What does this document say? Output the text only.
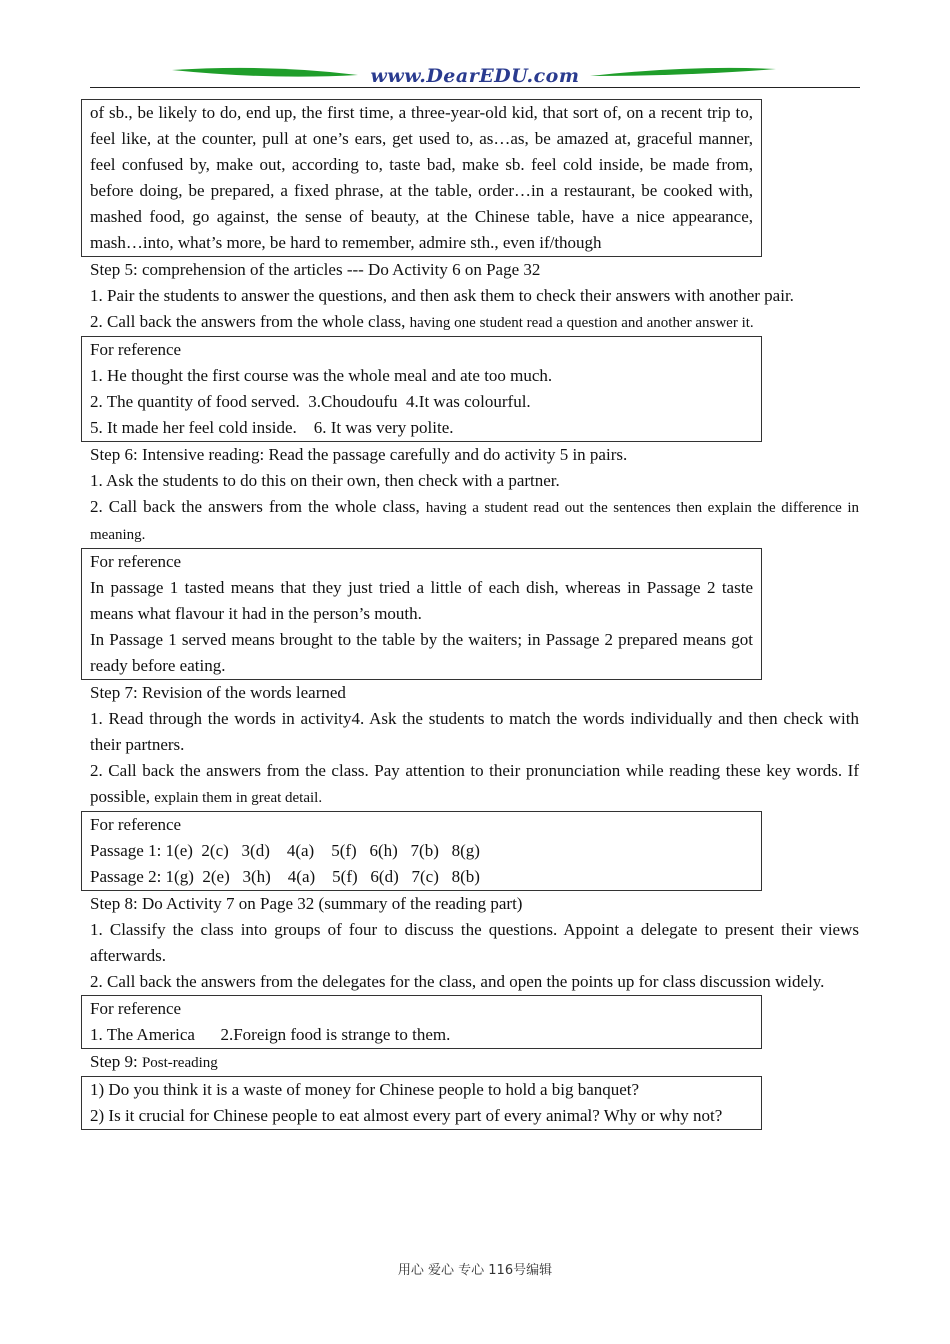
www.DearEDU.com

of sb., be likely to do, end up, the first time, a three-year-old kid, that sort of, on a recent trip to, feel like, at the counter, pull at one’s ears, get used to, as…as, be amazed at, graceful manner, feel confused by, make out, according to, taste bad, make sb. feel cold inside, be made from, before doing, be prepared, a fixed phrase, at the table, order…in a restaurant, be cooked with, mashed food, go against, the sense of beauty, at the Chinese table, have a nice appearance, mash…into, what’s more, be hard to remember, admire sth., even if/though

Step 5: comprehension of the articles --- Do Activity 6 on Page 32

1. Pair the students to answer the questions, and then ask them to check their answers with another pair.

2. Call back the answers from the whole class, having one student read a question and another answer it.

For reference

1. He thought the first course was the whole meal and ate too much.

2. The quantity of food served.  3.Choudoufu  4.It was colourful.

5. It made her feel cold inside.    6. It was very polite.

Step 6: Intensive reading: Read the passage carefully and do activity 5 in pairs.

1. Ask the students to do this on their own, then check with a partner.

2. Call back the answers from the whole class, having a student read out the sentences then explain the difference in meaning.

For reference

In passage 1 tasted means that they just tried a little of each dish, whereas in Passage 2 taste means what flavour it had in the person’s mouth.

In Passage 1 served means brought to the table by the waiters; in Passage 2 prepared means got ready before eating.

Step 7: Revision of the words learned

1. Read through the words in activity4. Ask the students to match the words individually and then check with their partners.

2. Call back the answers from the class. Pay attention to their pronunciation while reading these key words. If possible, explain them in great detail.

For reference

Passage 1: 1(e)  2(c)   3(d)    4(a)    5(f)   6(h)   7(b)   8(g)

Passage 2: 1(g)  2(e)   3(h)    4(a)    5(f)   6(d)   7(c)   8(b)

Step 8: Do Activity 7 on Page 32 (summary of the reading part)

1. Classify the class into groups of four to discuss the questions. Appoint a delegate to present their views afterwards.

2. Call back the answers from the delegates for the class, and open the points up for class discussion widely.

For reference

1. The America      2.Foreign food is strange to them.

Step 9: Post-reading

1) Do you think it is a waste of money for Chinese people to hold a big banquet?

2) Is it crucial for Chinese people to eat almost every part of every animal? Why or why not?

用心 爱心 专心 116号编辑
